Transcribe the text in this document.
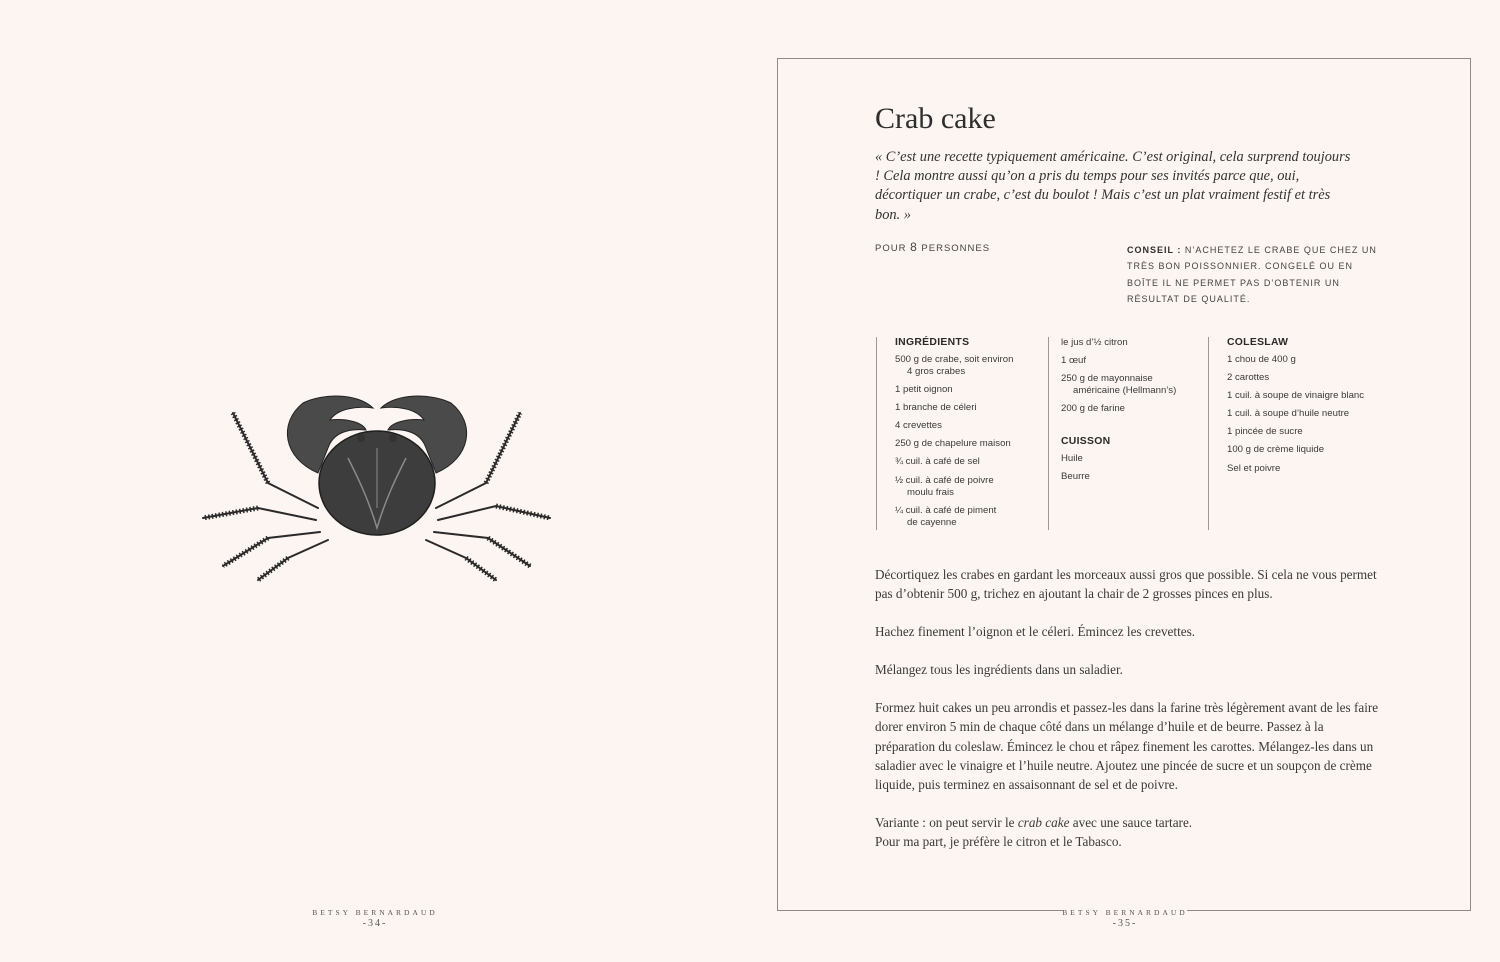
BETSY BERNARDAUD
-34-
Crab cake
« C’est une recette typiquement américaine. C’est original, cela surprend toujours ! Cela montre aussi qu’on a pris du temps pour ses invités parce que, oui, décortiquer un crabe, c’est du boulot ! Mais c’est un plat vraiment festif et très bon. »
POUR 8 PERSONNES	CONSEIL : N’ACHETEZ LE CRABE QUE CHEZ UN TRÈS BON POISSONNIER. CONGELÉ OU EN BOÎTE IL NE PERMET PAS D’OBTENIR UN RÉSULTAT DE QUALITÉ.
INGRÉDIENTS
500 g de crabe, soit environ
4 gros crabes
1 petit oignon
1 branche de céleri
4 crevettes
250 g de chapelure maison
¾ cuil. à café de sel
½ cuil. à café de poivre
moulu frais
¼ cuil. à café de piment
de cayenne
le jus d’½ citron
1 œuf
250 g de mayonnaise
américaine (Hellmann’s)
200 g de farine
CUISSON
Huile
Beurre
COLESLAW
1 chou de 400 g
2 carottes
1 cuil. à soupe de vinaigre blanc
1 cuil. à soupe d’huile neutre
1 pincée de sucre
100 g de crème liquide
Sel et poivre

Décortiquez les crabes en gardant les morceaux aussi gros que possible. Si cela ne vous permet pas d’obtenir 500 g, trichez en ajoutant la chair de 2 grosses pinces en plus.

Hachez finement l’oignon et le céleri. Émincez les crevettes.

Mélangez tous les ingrédients dans un saladier.

Formez huit cakes un peu arrondis et passez-les dans la farine très légèrement avant de les faire dorer environ 5 min de chaque côté dans un mélange d’huile et de beurre. Passez à la préparation du coleslaw. Émincez le chou et râpez finement les carottes. Mélangez-les dans un saladier avec le vinaigre et l’huile neutre. Ajoutez une pincée de sucre et un soupçon de crème liquide, puis terminez en assaisonnant de sel et de poivre.

Variante : on peut servir le crab cake avec une sauce tartare.
Pour ma part, je préfère le citron et le Tabasco.

BETSY BERNARDAUD
-35-
